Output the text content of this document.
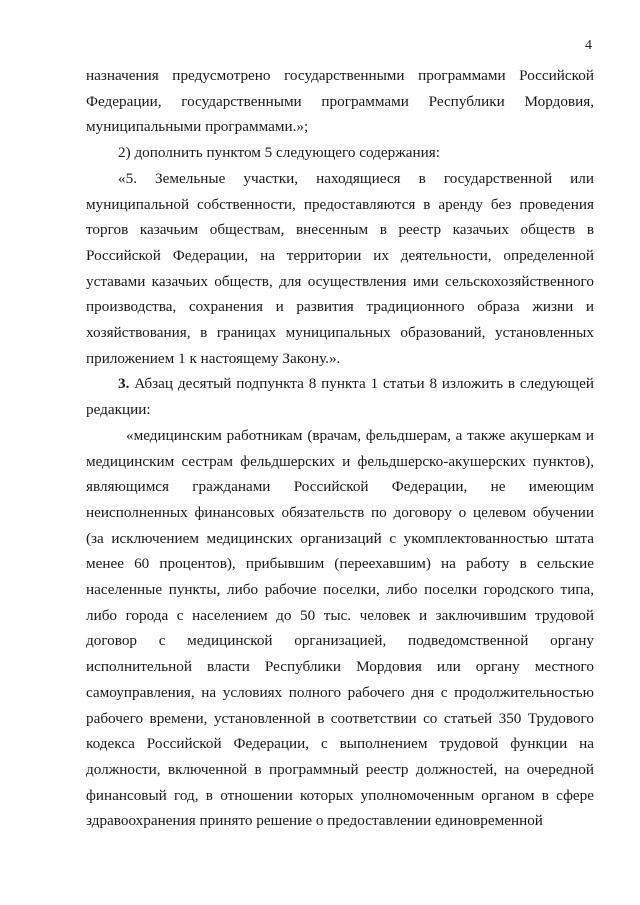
4

назначения предусмотрено государственными программами Российской Федерации, государственными программами Республики Мордовия, муниципальными программами.»;

2) дополнить пунктом 5 следующего содержания:

«5. Земельные участки, находящиеся в государственной или муниципальной собственности, предоставляются в аренду без проведения торгов казачьим обществам, внесенным в реестр казачьих обществ в Российской Федерации, на территории их деятельности, определенной уставами казачьих обществ, для осуществления ими сельскохозяйственного производства, сохранения и развития традиционного образа жизни и хозяйствования, в границах муниципальных образований, установленных приложением 1 к настоящему Закону.».

3. Абзац десятый подпункта 8 пункта 1 статьи 8 изложить в следующей редакции:

«медицинским работникам (врачам, фельдшерам, а также акушеркам и медицинским сестрам фельдшерских и фельдшерско-акушерских пунктов), являющимся гражданами Российской Федерации, не имеющим неисполненных финансовых обязательств по договору о целевом обучении (за исключением медицинских организаций с укомплектованностью штата менее 60 процентов), прибывшим (переехавшим) на работу в сельские населенные пункты, либо рабочие поселки, либо поселки городского типа, либо города с населением до 50 тыс. человек и заключившим трудовой договор с медицинской организацией, подведомственной органу исполнительной власти Республики Мордовия или органу местного самоуправления, на условиях полного рабочего дня с продолжительностью рабочего времени, установленной в соответствии со статьей 350 Трудового кодекса Российской Федерации, с выполнением трудовой функции на должности, включенной в программный реестр должностей, на очередной финансовый год, в отношении которых уполномоченным органом в сфере здравоохранения принято решение о предоставлении единовременной
